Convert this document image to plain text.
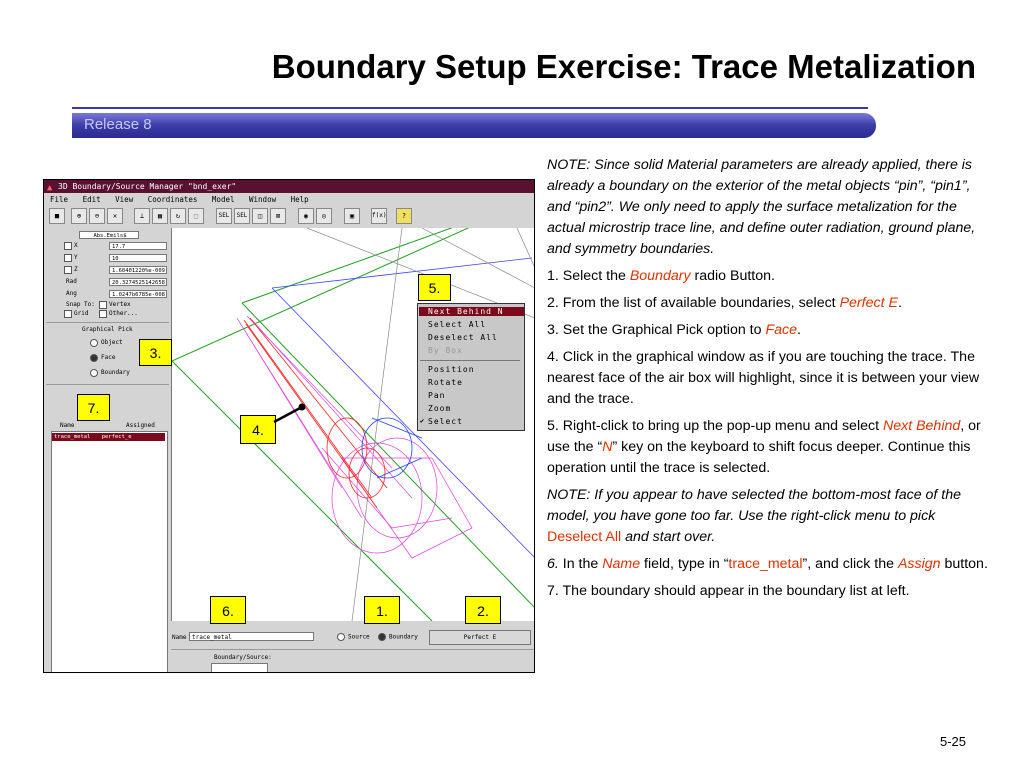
Boundary Setup Exercise: Trace Metalization
Release 8
▲ 3D Boundary/Source Manager "bnd_exer"
File Edit View Coordinates Model Window Help
■	⊕	⊖	✕	⊥	▦	↻	⬚	SEL	SEL	◫	⊠	◉	◎	▣	f(x)	?
Abs.Emils$
X	17.7
Y	10
Z	1.60401220%e-009
Rad	20.3274525142658
Ang	1.0247b6785e-008
Snap To:	Vertex
Grid	Other...
Graphical Pick
Object
Face
Boundary
Name	Assigned
trace_metal perfect_e
Name trace_metal	Source	Boundary	Perfect E
Boundary/Source:
Next Behind N
Select All
Deselect All
By Box
Position
Rotate
Pan
Zoom
✔ Select
5.
3.
7.
4.
6.	1.	2.

NOTE: Since solid Material parameters are already applied, there is already a boundary on the exterior of the metal objects “pin”, “pin1”, and “pin2”. We only need to apply the surface metalization for the actual microstrip trace line, and define outer radiation, ground plane, and symmetry boundaries.

1. Select the Boundary radio Button.

2. From the list of available boundaries, select Perfect E.

3. Set the Graphical Pick option to Face.

4. Click in the graphical window as if you are touching the trace. The nearest face of the air box will highlight, since it is between your view and the trace.

5. Right-click to bring up the pop-up menu and select Next Behind, or use the “N” key on the keyboard to shift focus deeper. Continue this operation until the trace is selected.

NOTE: If you appear to have selected the bottom-most face of the model, you have gone too far. Use the right-click menu to pick Deselect All and start over.

6. In the Name field, type in “trace_metal”, and click the Assign button.

7. The boundary should appear in the boundary list at left.

5-25
